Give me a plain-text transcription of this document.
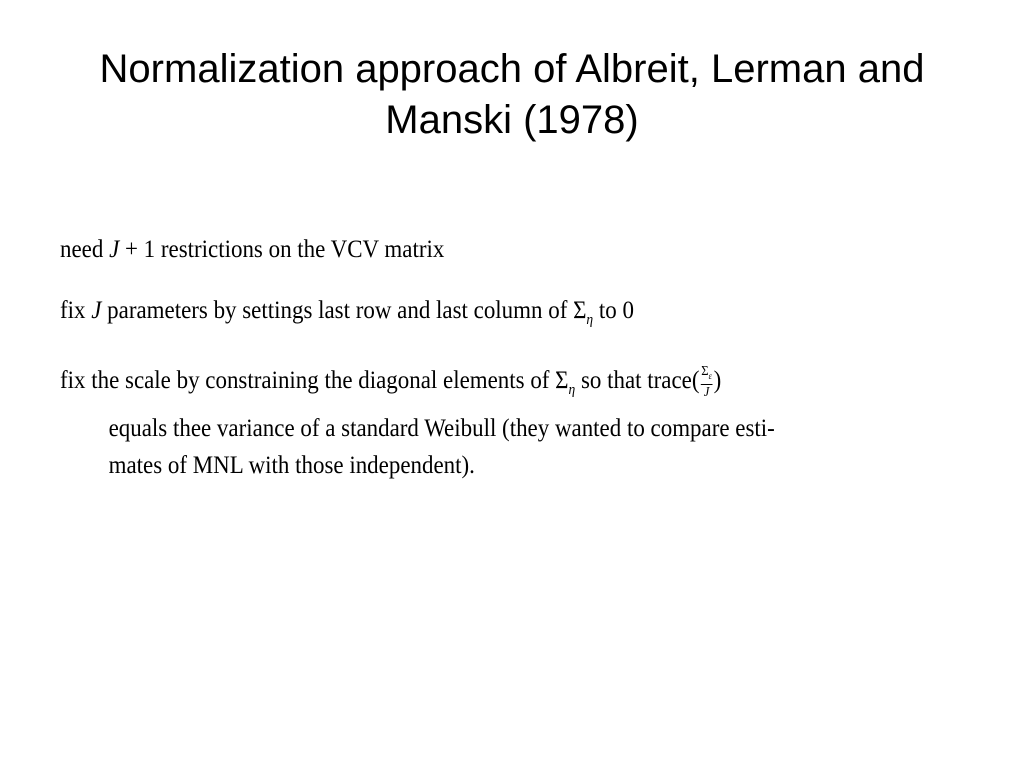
Normalization approach of Albreit, Lerman and Manski (1978)
need J + 1 restrictions on the VCV matrix
fix J parameters by settings last row and last column of $\Sigma_\eta$ to 0
fix the scale by constraining the diagonal elements of $\Sigma_\eta$ so that trace( $\frac{\Sigma_\varepsilon}{J}$ )
equals thee variance of a standard Weibull (they wanted to compare esti-
mates of MNL with those independent).
